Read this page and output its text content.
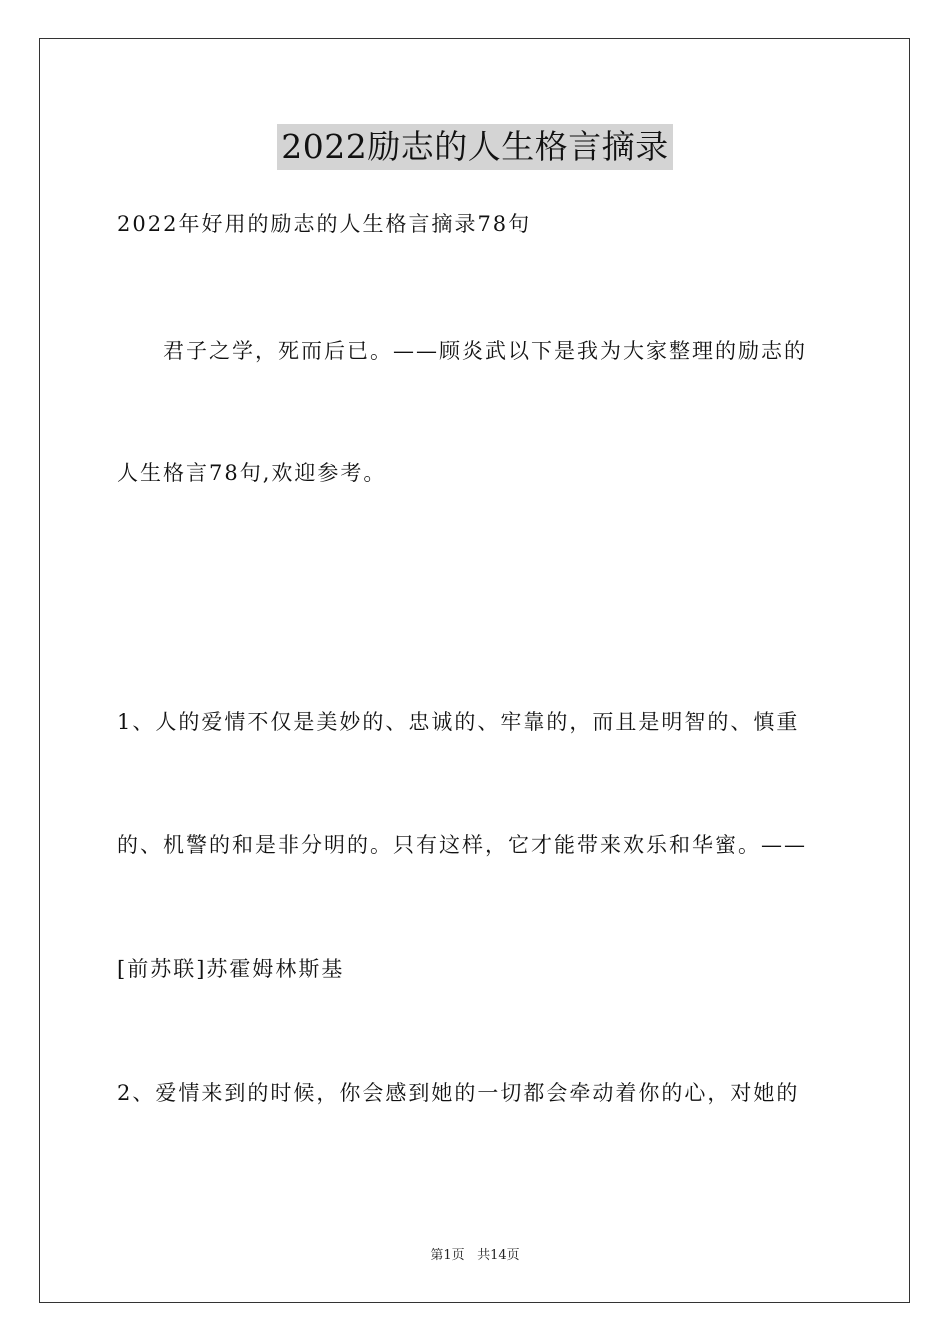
2022励志的人生格言摘录
2022年好用的励志的人生格言摘录78句
君子之学，死而后已。——顾炎武以下是我为大家整理的励志的
人生格言78句,欢迎参考。
1、人的爱情不仅是美妙的、忠诚的、牢靠的，而且是明智的、慎重
的、机警的和是非分明的。只有这样，它才能带来欢乐和华蜜。——
[前苏联]苏霍姆林斯基
2、爱情来到的时候，你会感到她的一切都会牵动着你的心，对她的
第1页 共14页
